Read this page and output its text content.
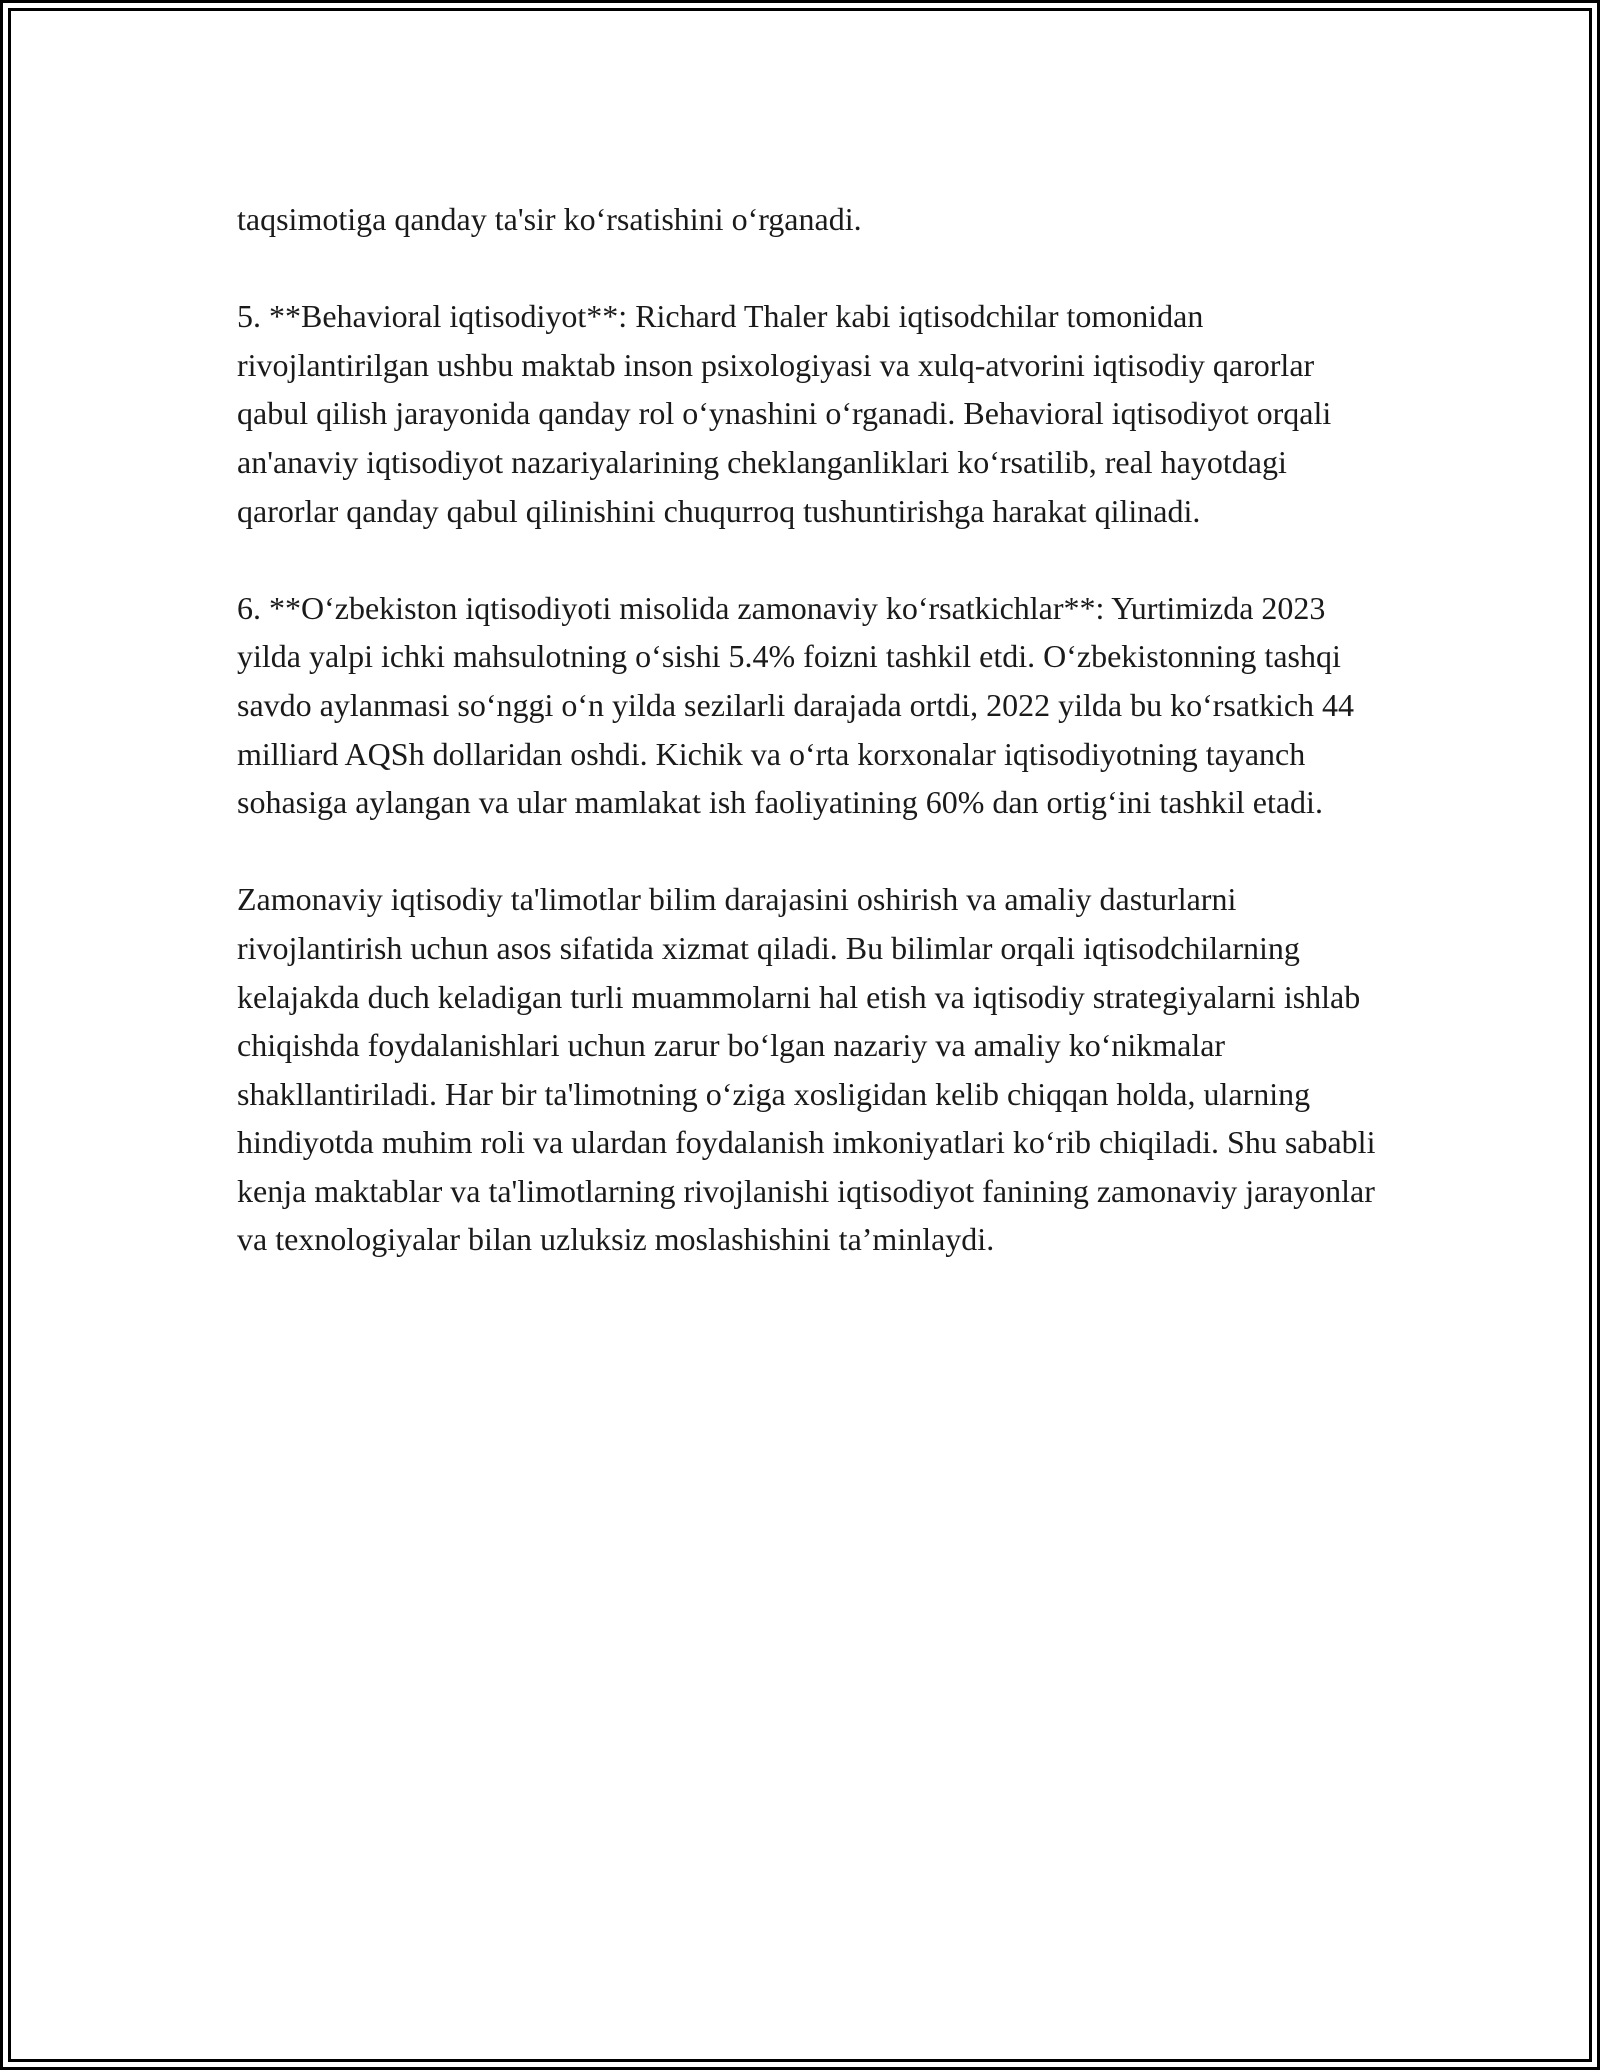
taqsimotiga qanday ta'sir ko‘rsatishini o‘rganadi.

5. **Behavioral iqtisodiyot**: Richard Thaler kabi iqtisodchilar tomonidan rivojlantirilgan ushbu maktab inson psixologiyasi va xulq-atvorini iqtisodiy qarorlar qabul qilish jarayonida qanday rol o‘ynashini o‘rganadi. Behavioral iqtisodiyot orqali an'anaviy iqtisodiyot nazariyalarining cheklanganliklari ko‘rsatilib, real hayotdagi qarorlar qanday qabul qilinishini chuqurroq tushuntirishga harakat qilinadi.

6. **O‘zbekiston iqtisodiyoti misolida zamonaviy ko‘rsatkichlar**: Yurtimizda 2023 yilda yalpi ichki mahsulotning o‘sishi 5.4% foizni tashkil etdi. O‘zbekistonning tashqi savdo aylanmasi so‘nggi o‘n yilda sezilarli darajada ortdi, 2022 yilda bu ko‘rsatkich 44 milliard AQSh dollaridan oshdi. Kichik va o‘rta korxonalar iqtisodiyotning tayanch sohasiga aylangan va ular mamlakat ish faoliyatining 60% dan ortig‘ini tashkil etadi.

Zamonaviy iqtisodiy ta'limotlar bilim darajasini oshirish va amaliy dasturlarni rivojlantirish uchun asos sifatida xizmat qiladi. Bu bilimlar orqali iqtisodchilarning kelajakda duch keladigan turli muammolarni hal etish va iqtisodiy strategiyalarni ishlab chiqishda foydalanishlari uchun zarur bo‘lgan nazariy va amaliy ko‘nikmalar shakllantiriladi. Har bir ta'limotning o‘ziga xosligidan kelib chiqqan holda, ularning hindiyotda muhim roli va ulardan foydalanish imkoniyatlari ko‘rib chiqiladi. Shu sababli kenja maktablar va ta'limotlarning rivojlanishi iqtisodiyot fanining zamonaviy jarayonlar va texnologiyalar bilan uzluksiz moslashishini ta’minlaydi.
